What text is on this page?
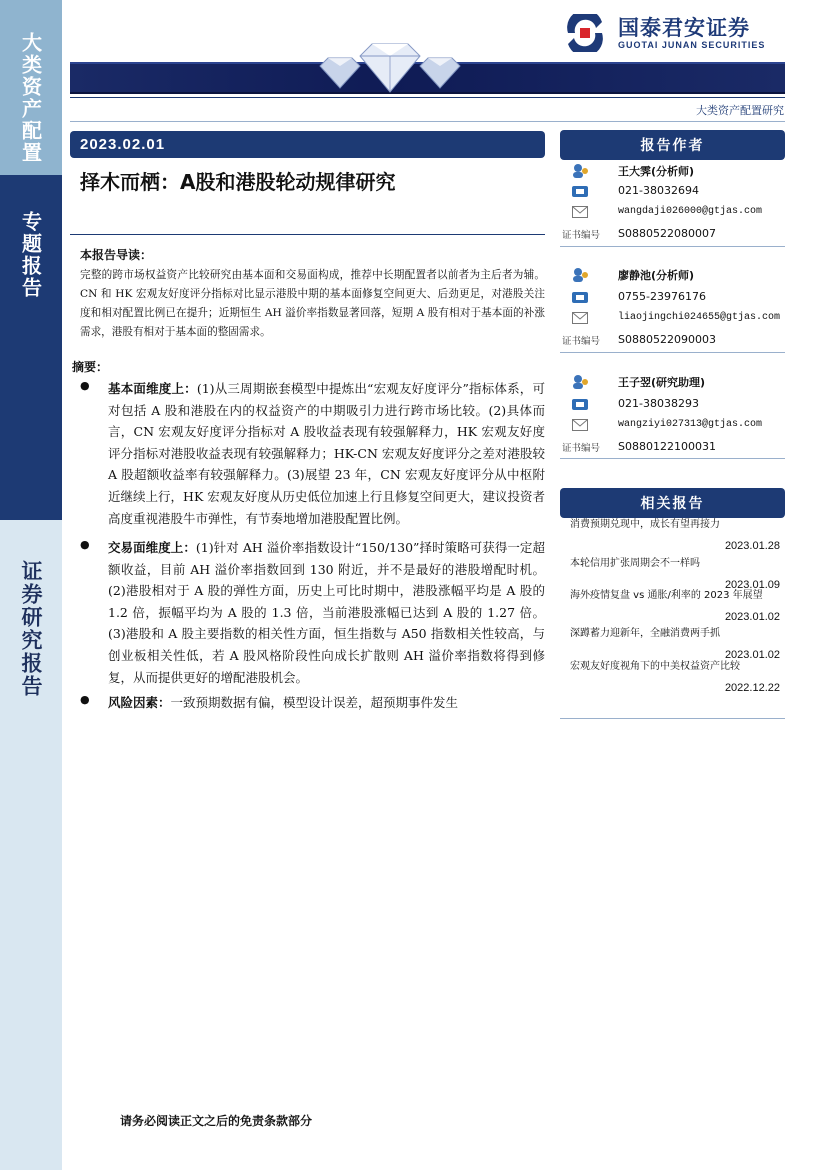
大类资产配置
专题报告
证券研究报告
国泰君安证券
GUOTAI JUNAN SECURITIES
大类资产配置研究
2023.02.01
择木而栖：A股和港股轮动规律研究
本报告导读：
完整的跨市场权益资产比较研究由基本面和交易面构成，推荐中长期配置者以前者为主后者为辅。CN 和 HK 宏观友好度评分指标对比显示港股中期的基本面修复空间更大、后劲更足，对港股关注度和相对配置比例已在提升；近期恒生 AH 溢价率指数显著回落，短期 A 股有相对于基本面的补涨需求，港股有相对于基本面的整固需求。
摘要：
●	基本面维度上：(1)从三周期嵌套模型中提炼出“宏观友好度评分”指标体系，可对包括 A 股和港股在内的权益资产的中期吸引力进行跨市场比较。(2)具体而言，CN 宏观友好度评分指标对 A 股收益表现有较强解释力，HK 宏观友好度评分指标对港股收益表现有较强解释力；HK-CN 宏观友好度评分之差对港股较 A 股超额收益率有较强解释力。(3)展望 23 年，CN 宏观友好度评分从中枢附近继续上行，HK 宏观友好度从历史低位加速上行且修复空间更大，建议投资者高度重视港股牛市弹性，有节奏地增加港股配置比例。
●	交易面维度上：(1)针对 AH 溢价率指数设计“150/130”择时策略可获得一定超额收益，目前 AH 溢价率指数回到 130 附近，并不是最好的港股增配时机。(2)港股相对于 A 股的弹性方面，历史上可比时期中，港股涨幅平均是 A 股的 1.2 倍，振幅平均为 A 股的 1.3 倍，当前港股涨幅已达到 A 股的 1.27 倍。(3)港股和 A 股主要指数的相关性方面，恒生指数与 A50 指数相关性较高，与创业板相关性低，若 A 股风格阶段性向成长扩散则 AH 溢价率指数将得到修复，从而提供更好的增配港股机会。
●	风险因素：一致预期数据有偏，模型设计误差，超预期事件发生
报告作者
王大霁(分析师)
021-38032694
wangdaji026000@gtjas.com
证书编号	S0880522080007
廖静池(分析师)
0755-23976176
liaojingchi024655@gtjas.com
证书编号	S0880522090003
王子翌(研究助理)
021-38038293
wangziyi027313@gtjas.com
证书编号	S0880122100031
相关报告
消费预期兑现中，成长有望再接力
2023.01.28
本轮信用扩张周期会不一样吗
2023.01.09
海外疫情复盘 vs 通胀/利率的 2023 年展望
2023.01.02
深蹲蓄力迎新年，全融消费两手抓
2023.01.02
宏观友好度视角下的中美权益资产比较
2022.12.22
请务必阅读正文之后的免责条款部分
